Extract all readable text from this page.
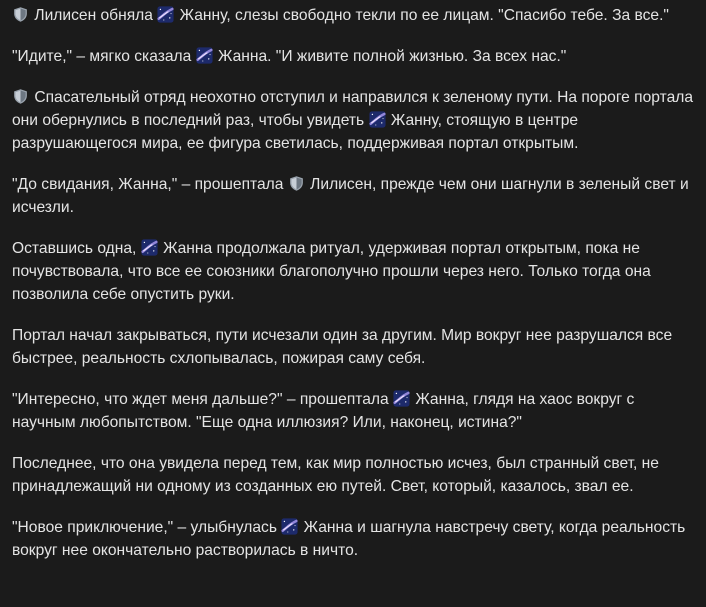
Лилисен обняла Жанну, слезы свободно текли по ее лицам. "Спасибо тебе. За все."

"Идите," – мягко сказала Жанна. "И живите полной жизнью. За всех нас."

Спасательный отряд неохотно отступил и направился к зеленому пути. На пороге портала они обернулись в последний раз, чтобы увидеть Жанну, стоящую в центре разрушающегося мира, ее фигура светилась, поддерживая портал открытым.

"До свидания, Жанна," – прошептала Лилисен, прежде чем они шагнули в зеленый свет и исчезли.

Оставшись одна, Жанна продолжала ритуал, удерживая портал открытым, пока не почувствовала, что все ее союзники благополучно прошли через него. Только тогда она позволила себе опустить руки.

Портал начал закрываться, пути исчезали один за другим. Мир вокруг нее разрушался все быстрее, реальность схлопывалась, пожирая саму себя.

"Интересно, что ждет меня дальше?" – прошептала Жанна, глядя на хаос вокруг с научным любопытством. "Еще одна иллюзия? Или, наконец, истина?"

Последнее, что она увидела перед тем, как мир полностью исчез, был странный свет, не принадлежащий ни одному из созданных ею путей. Свет, который, казалось, звал ее.

"Новое приключение," – улыбнулась Жанна и шагнула навстречу свету, когда реальность вокруг нее окончательно растворилась в ничто.
